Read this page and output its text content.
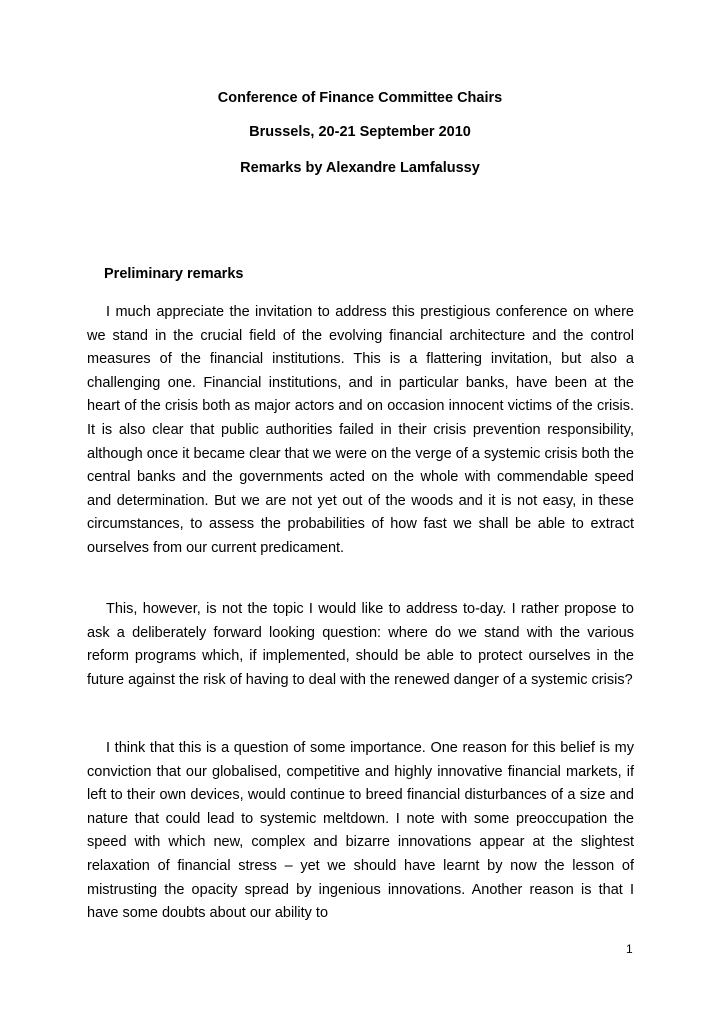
Conference of Finance Committee Chairs
Brussels, 20-21 September 2010
Remarks by Alexandre Lamfalussy
Preliminary remarks

I much appreciate the invitation to address this prestigious conference on where we stand in the crucial field of the evolving financial architecture and the control measures of the financial institutions. This is a flattering invitation, but also a challenging one. Financial institutions, and in particular banks, have been at the heart of the crisis both as major actors and on occasion innocent victims of the crisis. It is also clear that public authorities failed in their crisis prevention responsibility, although once it became clear that we were on the verge of a systemic crisis both the central banks and the governments acted on the whole with commendable speed and determination. But we are not yet out of the woods and it is not easy, in these circumstances, to assess the probabilities of how fast we shall be able to extract ourselves from our current predicament.

This, however, is not the topic I would like to address to-day. I rather propose to ask a deliberately forward looking question: where do we stand with the various reform programs which, if implemented, should be able to protect ourselves in the future against the risk of having to deal with the renewed danger of a systemic crisis?

I think that this is a question of some importance. One reason for this belief is my conviction that our globalised, competitive and highly innovative financial markets, if left to their own devices, would continue to breed financial disturbances of a size and nature that could lead to systemic meltdown. I note with some preoccupation the speed with which new, complex and bizarre innovations appear at the slightest relaxation of financial stress – yet we should have learnt by now the lesson of mistrusting the opacity spread by ingenious innovations. Another reason is that I have some doubts about our ability to

1
